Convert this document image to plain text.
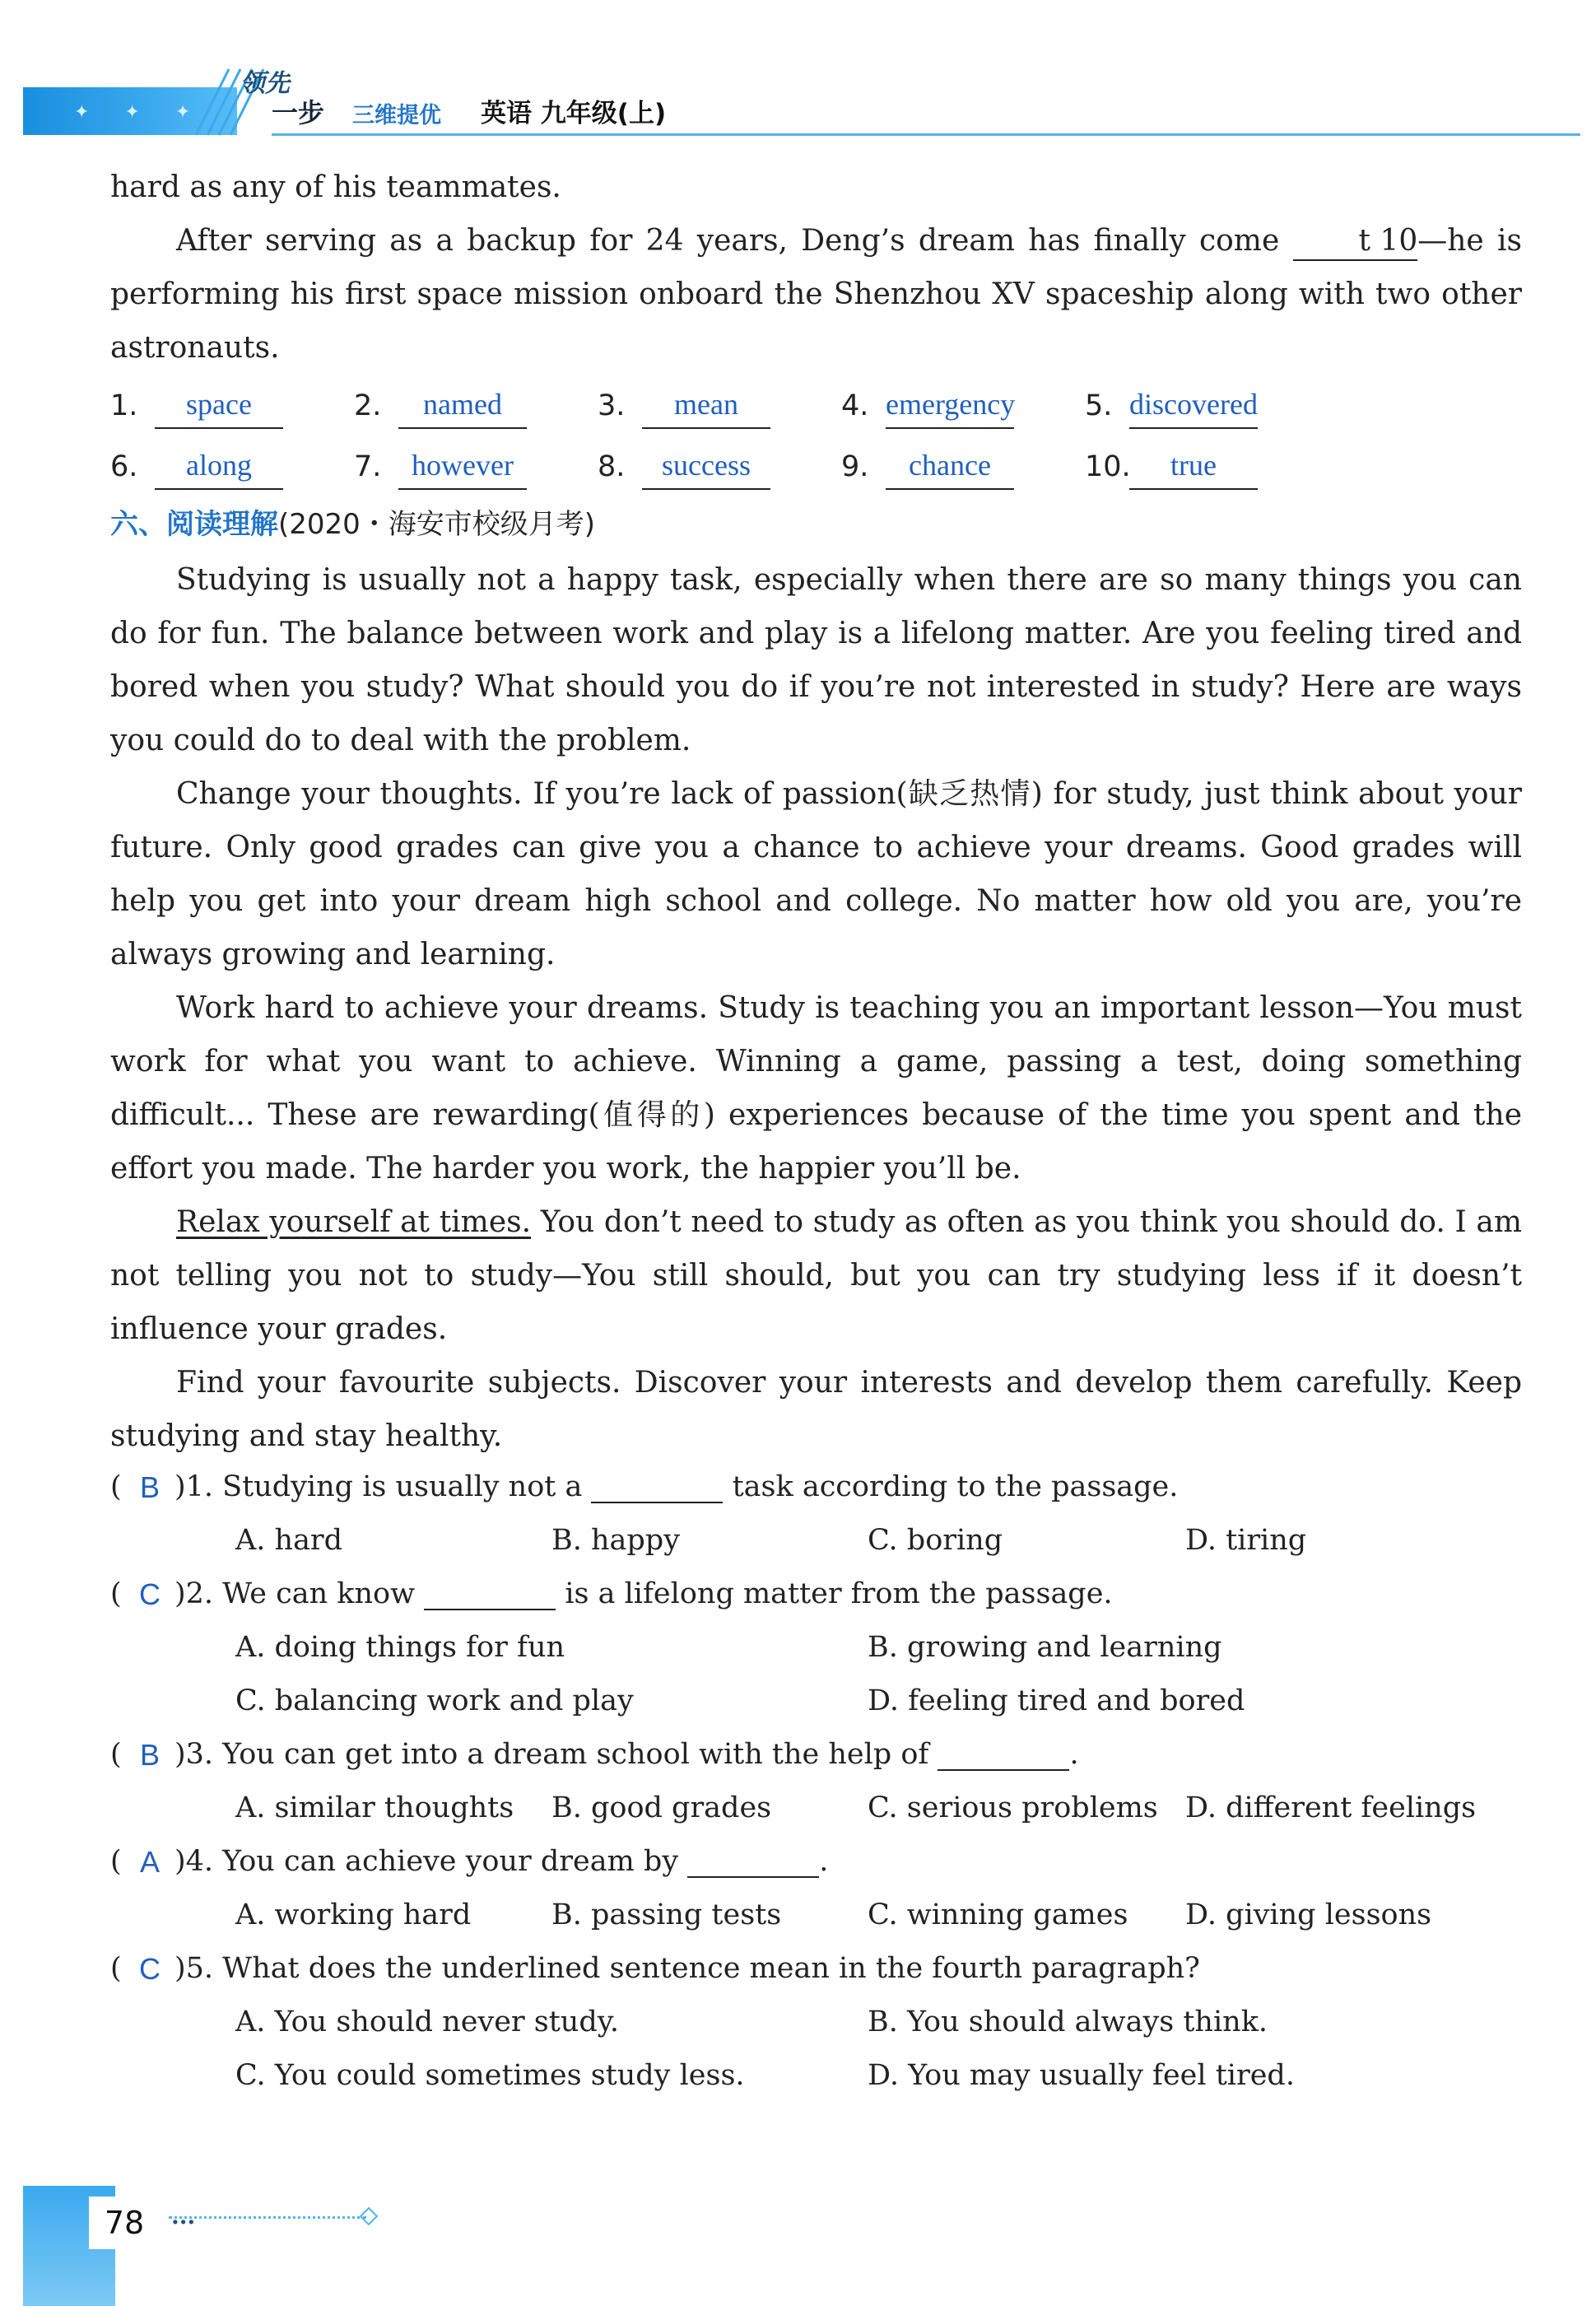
✦ ✦ ✦
领先
一步 三维提优 英语 九年级(上)

hard as any of his teammates.

After serving as a backup for 24 years, Deng’s dream has finally come t 10—he is performing his first space mission onboard the Shenzhou XV spaceship along with two other astronauts.

1.	space	2.	named	3.	mean	4. emergency 5. discovered
6.	along	7.	however	8.	success	9.	chance	10.	true
六、阅读理解(2020・海安市校级月考)

Studying is usually not a happy task, especially when there are so many things you can do for fun. The balance between work and play is a lifelong matter. Are you feeling tired and bored when you study? What should you do if you’re not interested in study? Here are ways you could do to deal with the problem.

Change your thoughts. If you’re lack of passion(缺乏热情) for study, just think about your future. Only good grades can give you a chance to achieve your dreams. Good grades will help you get into your dream high school and college. No matter how old you are, you’re always growing and learning.

Work hard to achieve your dreams. Study is teaching you an important lesson—You must work for what you want to achieve. Winning a game, passing a test, doing something difficult... These are rewarding(值得的) experiences because of the time you spent and the effort you made. The harder you work, the happier you’ll be.

Relax yourself at times. You don’t need to study as often as you think you should do. I am not telling you not to study—You still should, but you can try studying less if it doesn’t influence your grades.

Find your favourite subjects. Discover your interests and develop them carefully. Keep studying and stay healthy.

( B )1. Studying is usually not a	task according to the passage.
A. hard	B. happy	C. boring	D. tiring
( C )2. We can know	is a lifelong matter from the passage.
A. doing things for fun	B. growing and learning
C. balancing work and play	D. feeling tired and bored
( B )3. You can get into a dream school with the help of	.
A. similar thoughts B. good grades	C. serious problems D. different feelings
( A )4. You can achieve your dream by	.
A. working hard	B. passing tests	C. winning games D. giving lessons
( C )5. What does the underlined sentence mean in the fourth paragraph?
A. You should never study.	B. You should always think.
C. You could sometimes study less.	D. You may usually feel tired.
78	...
